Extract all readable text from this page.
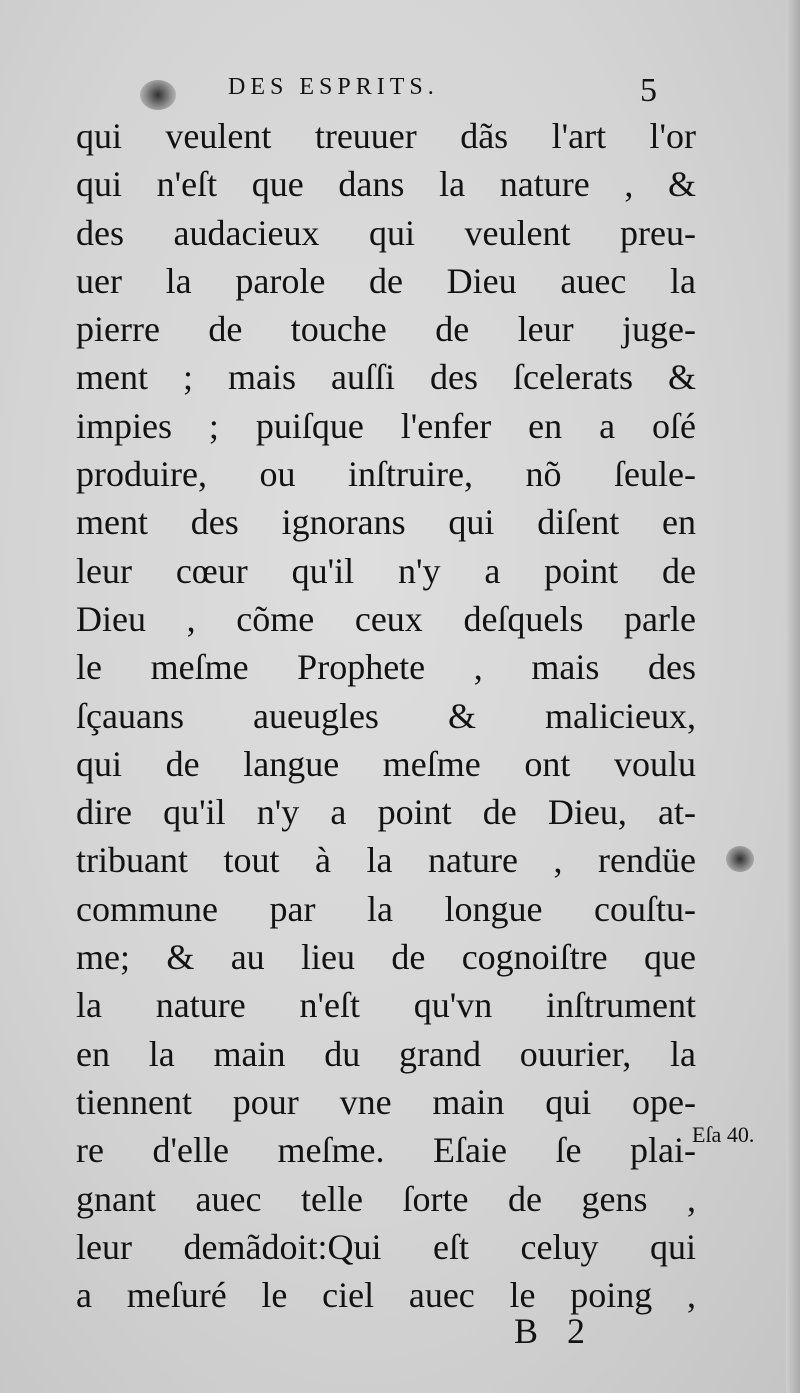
DES ESPRITS.	5
qui veulent treuuer dãs l'art l'or
qui n'eſt que dans la nature , &
des audacieux qui veulent preu-
uer la parole de Dieu auec la
pierre de touche de leur juge-
ment ; mais auſſi des ſcelerats &
impies ; puiſque l'enfer en a oſé
produire, ou inſtruire, nõ ſeule-
ment des ignorans qui diſent en
leur cœur qu'il n'y a point de
Dieu , cõme ceux deſquels parle
le meſme Prophete , mais des
ſçauans aueugles & malicieux,
qui de langue meſme ont voulu
dire qu'il n'y a point de Dieu, at-
tribuant tout à la nature , rendüe
commune par la longue couſtu-
me; & au lieu de cognoiſtre que
la nature n'eſt qu'vn inſtrument
en la main du grand ouurier, la
tiennent pour vne main qui ope-
re d'elle meſme. Eſaie ſe plai-
gnant auec telle ſorte de gens ,
leur demãdoit:Qui eſt celuy qui
a meſuré le ciel auec le poing ,
Eſa 40.
B 2
